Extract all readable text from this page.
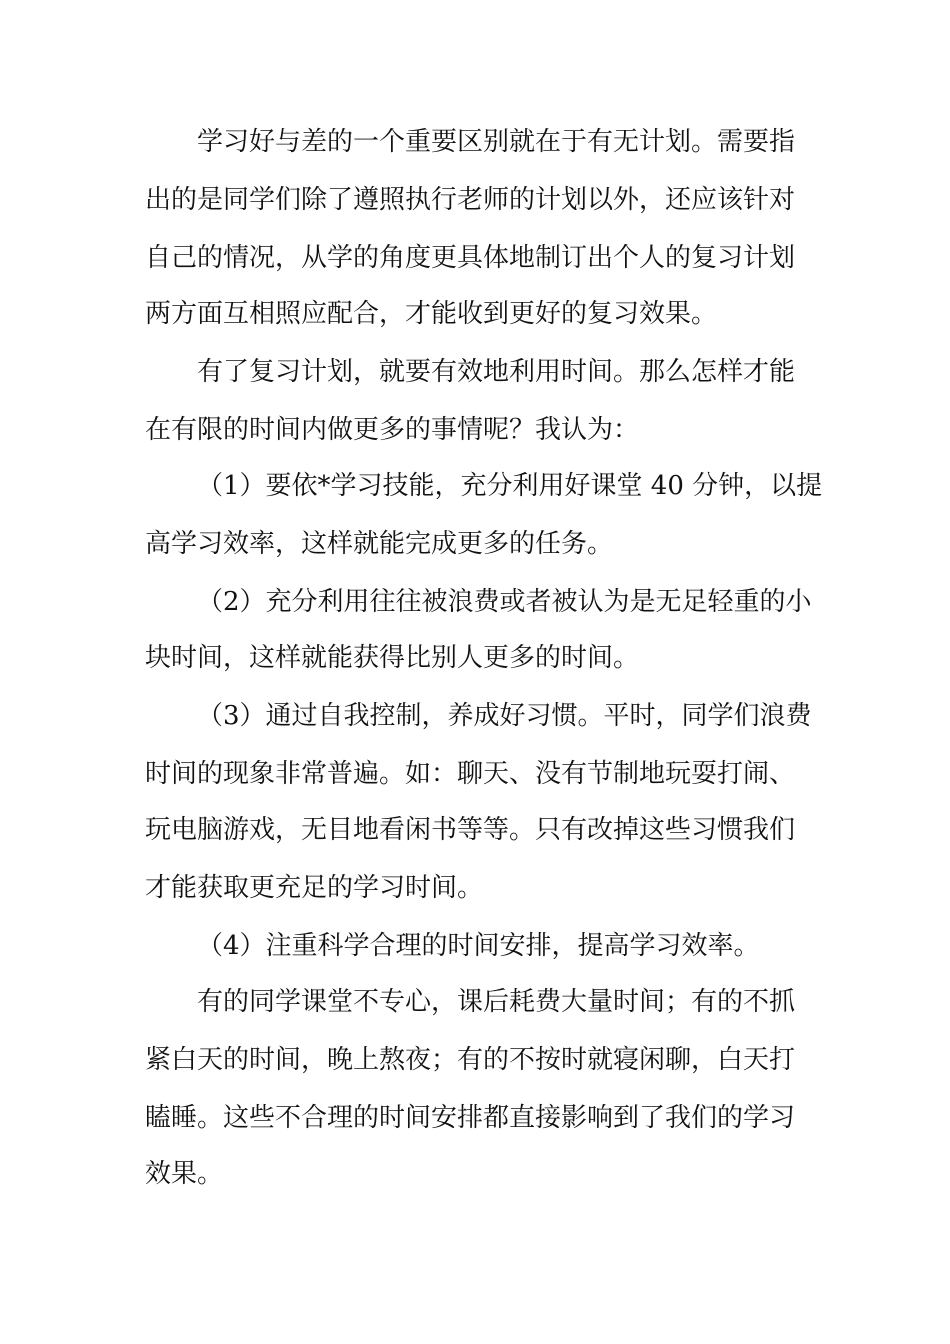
学习好与差的一个重要区别就在于有无计划。需要指

出的是同学们除了遵照执行老师的计划以外，还应该针对

自己的情况，从学的角度更具体地制订出个人的复习计划

两方面互相照应配合，才能收到更好的复习效果。

有了复习计划，就要有效地利用时间。那么怎样才能

在有限的时间内做更多的事情呢？我认为：

（1）要依*学习技能，充分利用好课堂 40 分钟，以提

高学习效率，这样就能完成更多的任务。

（2）充分利用往往被浪费或者被认为是无足轻重的小

块时间，这样就能获得比别人更多的时间。

（3）通过自我控制，养成好习惯。平时，同学们浪费

时间的现象非常普遍。如：聊天、没有节制地玩耍打闹、

玩电脑游戏，无目地看闲书等等。只有改掉这些习惯我们

才能获取更充足的学习时间。

（4）注重科学合理的时间安排，提高学习效率。

有的同学课堂不专心，课后耗费大量时间；有的不抓

紧白天的时间，晚上熬夜；有的不按时就寝闲聊，白天打

瞌睡。这些不合理的时间安排都直接影响到了我们的学习

效果。
